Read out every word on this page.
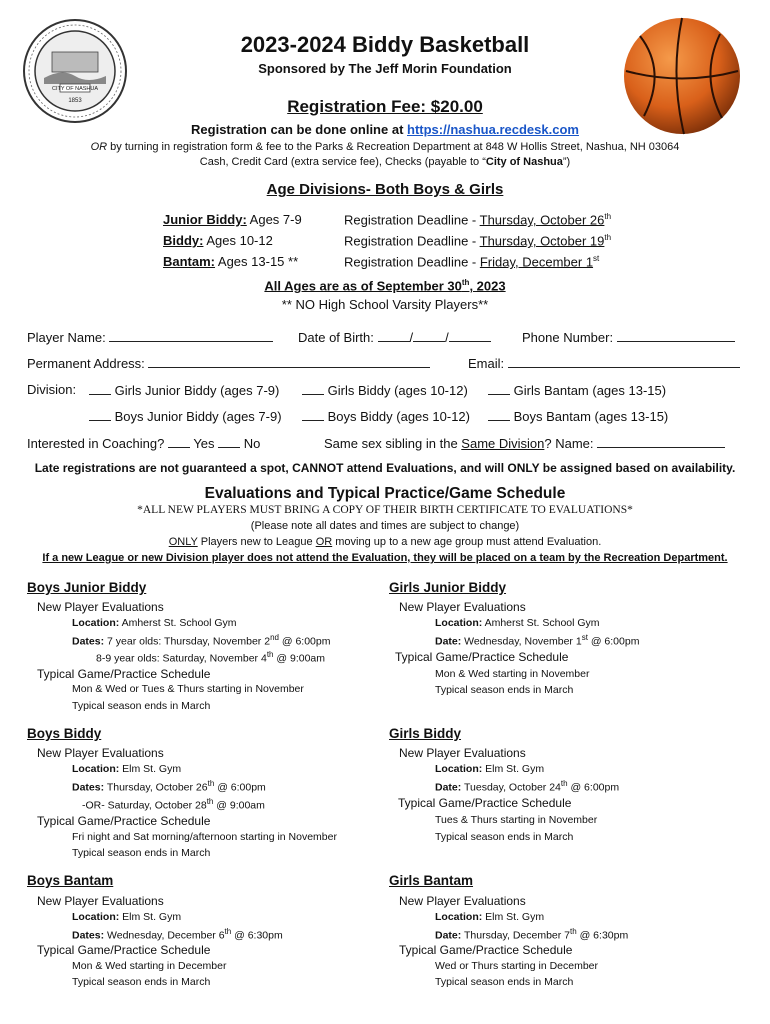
CITY OF NASHUA
1853
2023-2024 Biddy Basketball
Sponsored by The Jeff Morin Foundation
Registration Fee: $20.00
Registration can be done online at https://nashua.recdesk.com
OR by turning in registration form & fee to the Parks & Recreation Department at 848 W Hollis Street, Nashua, NH 03064
Cash, Credit Card (extra service fee), Checks (payable to “City of Nashua”)
Age Divisions- Both Boys & Girls
Junior Biddy: Ages 7-9	Registration Deadline - Thursday, October 26th
Biddy: Ages 10-12	Registration Deadline - Thursday, October 19th
Bantam: Ages 13-15 **	Registration Deadline - Friday, December 1st
All Ages are as of September 30th, 2023
** NO High School Varsity Players**
Player Name:	Date of Birth:	/ /	Phone Number:
Permanent Address:	Email:
Division:	Girls Junior Biddy (ages 7-9)	Girls Biddy (ages 10-12)	Girls Bantam (ages 13-15)
Boys Junior Biddy (ages 7-9)	Boys Biddy (ages 10-12)	Boys Bantam (ages 13-15)
Interested in Coaching? Yes No	Same sex sibling in the Same Division? Name:
Late registrations are not guaranteed a spot, CANNOT attend Evaluations, and will ONLY be assigned based on availability.
Evaluations and Typical Practice/Game Schedule
*ALL NEW PLAYERS MUST BRING A COPY OF THEIR BIRTH CERTIFICATE TO EVALUATIONS*
(Please note all dates and times are subject to change)
ONLY Players new to League OR moving up to a new age group must attend Evaluation.
If a new League or new Division player does not attend the Evaluation, they will be placed on a team by the Recreation Department.
Boys Junior Biddy
New Player Evaluations
Location: Amherst St. School Gym
Dates: 7 year olds: Thursday, November 2nd @ 6:00pm
8-9 year olds: Saturday, November 4th @ 9:00am
Typical Game/Practice Schedule
Mon & Wed or Tues & Thurs starting in November
Typical season ends in March
Girls Junior Biddy
New Player Evaluations
Location: Amherst St. School Gym
Date: Wednesday, November 1st @ 6:00pm
Typical Game/Practice Schedule
Mon & Wed starting in November
Typical season ends in March
Boys Biddy
New Player Evaluations
Location: Elm St. Gym
Dates: Thursday, October 26th @ 6:00pm
-OR- Saturday, October 28th @ 9:00am
Typical Game/Practice Schedule
Fri night and Sat morning/afternoon starting in November
Typical season ends in March
Girls Biddy
New Player Evaluations
Location: Elm St. Gym
Date: Tuesday, October 24th @ 6:00pm
Typical Game/Practice Schedule
Tues & Thurs starting in November
Typical season ends in March
Boys Bantam
New Player Evaluations
Location: Elm St. Gym
Dates: Wednesday, December 6th @ 6:30pm
Typical Game/Practice Schedule
Mon & Wed starting in December
Typical season ends in March
Girls Bantam
New Player Evaluations
Location: Elm St. Gym
Date: Thursday, December 7th @ 6:30pm
Typical Game/Practice Schedule
Wed or Thurs starting in December
Typical season ends in March
